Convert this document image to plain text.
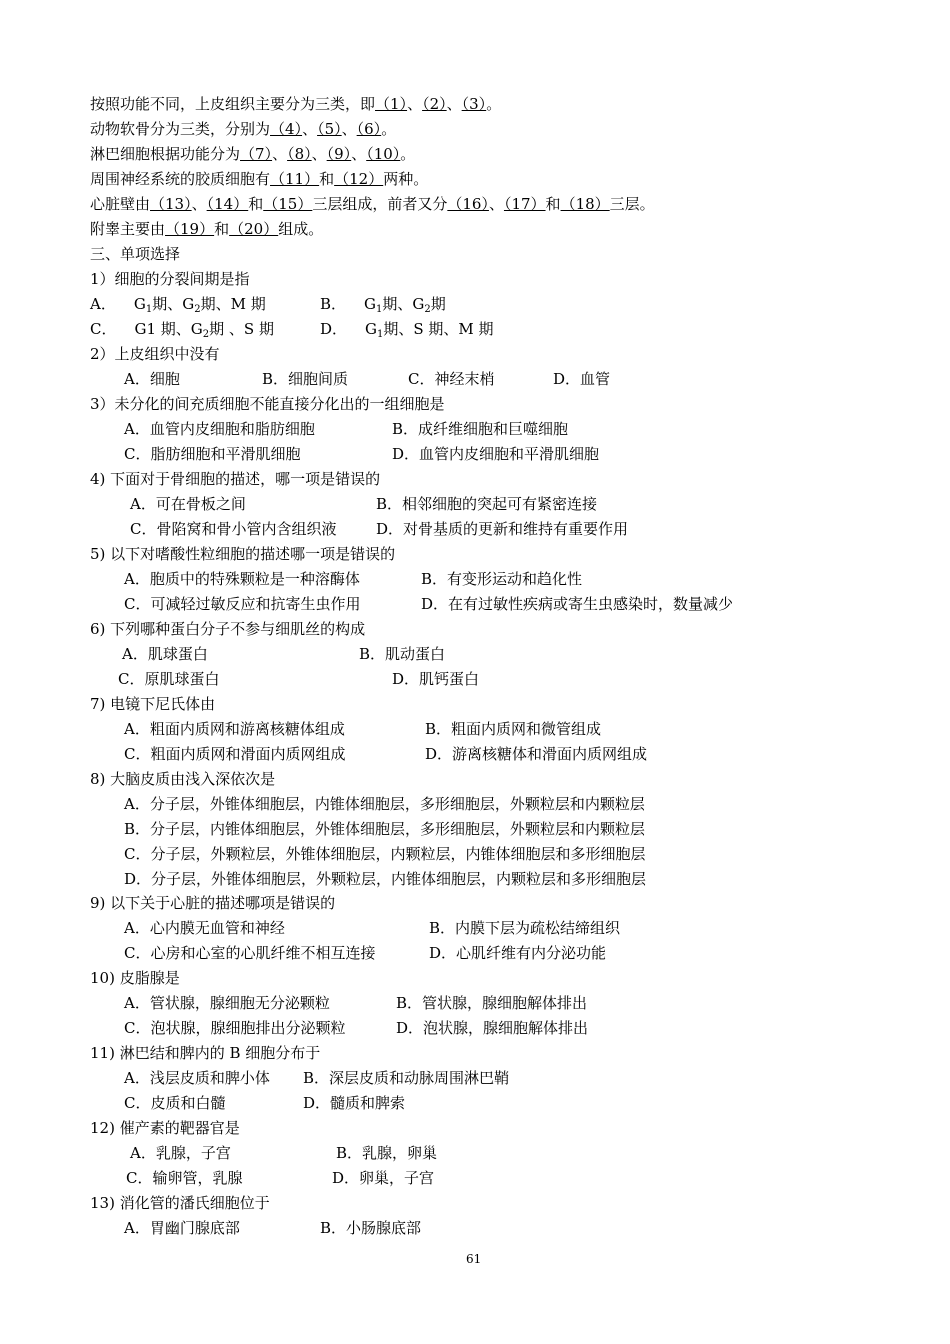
按照功能不同，上皮组织主要分为三类，即（1）、（2）、（3）。
动物软骨分为三类，分别为（4）、（5）、（6）。
淋巴细胞根据功能分为（7）、（8）、（9）、（10）。
周围神经系统的胶质细胞有（11）和（12）两种。
心脏壁由（13）、（14）和（15）三层组成，前者又分（16）、（17）和（18）三层。
附睾主要由（19）和（20）组成。
三、单项选择
1）细胞的分裂间期是指
A． $G_1$期、$G_2$期、M 期	B． $G_1$期、$G_2$期
C． G1 期、$G_2$期 、S 期	D． $G_1$期、S 期、M 期
2）上皮组织中没有
A．细胞	B．细胞间质	C．神经末梢	D．血管
3）未分化的间充质细胞不能直接分化出的一组细胞是
A．血管内皮细胞和脂肪细胞	B．成纤维细胞和巨噬细胞
C．脂肪细胞和平滑肌细胞	D．血管内皮细胞和平滑肌细胞
4) 下面对于骨细胞的描述，哪一项是错误的
A．可在骨板之间	B．相邻细胞的突起可有紧密连接
C．骨陷窝和骨小管内含组织液	D．对骨基质的更新和维持有重要作用
5) 以下对嗜酸性粒细胞的描述哪一项是错误的
A．胞质中的特殊颗粒是一种溶酶体	B．有变形运动和趋化性
C．可减轻过敏反应和抗寄生虫作用	D．在有过敏性疾病或寄生虫感染时，数量减少
6) 下列哪种蛋白分子不参与细肌丝的构成
A．肌球蛋白	B．肌动蛋白
C．原肌球蛋白	D．肌钙蛋白
7) 电镜下尼氏体由
A．粗面内质网和游离核糖体组成	B．粗面内质网和微管组成
C．粗面内质网和滑面内质网组成	D．游离核糖体和滑面内质网组成
8) 大脑皮质由浅入深依次是
A．分子层，外锥体细胞层，内锥体细胞层，多形细胞层，外颗粒层和内颗粒层
B．分子层，内锥体细胞层，外锥体细胞层，多形细胞层，外颗粒层和内颗粒层
C．分子层，外颗粒层，外锥体细胞层，内颗粒层，内锥体细胞层和多形细胞层
D．分子层，外锥体细胞层，外颗粒层，内锥体细胞层，内颗粒层和多形细胞层
9) 以下关于心脏的描述哪项是错误的
A．心内膜无血管和神经	B．内膜下层为疏松结缔组织
C．心房和心室的心肌纤维不相互连接	D．心肌纤维有内分泌功能
10) 皮脂腺是
A．管状腺，腺细胞无分泌颗粒	B．管状腺，腺细胞解体排出
C．泡状腺，腺细胞排出分泌颗粒	D．泡状腺，腺细胞解体排出
11) 淋巴结和脾内的 B 细胞分布于
A．浅层皮质和脾小体 B．深层皮质和动脉周围淋巴鞘
C．皮质和白髓	D．髓质和脾索
12) 催产素的靶器官是
A．乳腺，子宫	B．乳腺，卵巢
C．输卵管，乳腺	D．卵巢，子宫
13) 消化管的潘氏细胞位于
A．胃幽门腺底部	B．小肠腺底部
61
